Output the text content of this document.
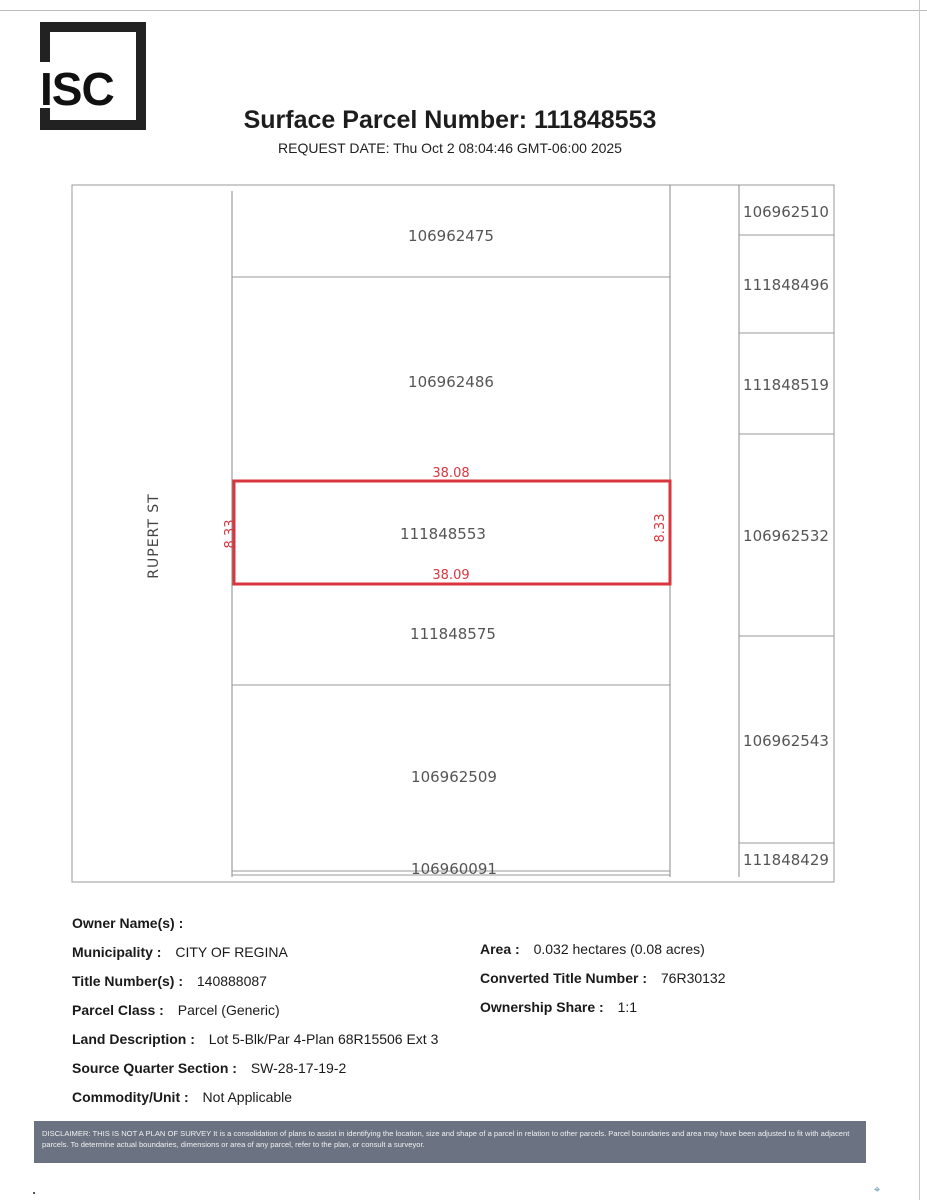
ISC
Surface Parcel Number: 111848553
REQUEST DATE: Thu Oct 2 08:04:46 GMT-06:00 2025
106962475
106962486
111848553
111848575
106962509
106960091
106962510
111848496
111848519
106962532
106962543
111848429
38.08
38.09
8.33	8.33
RUPERT ST
Owner Name(s) :
Municipality : CITY OF REGINA
Title Number(s) : 140888087
Parcel Class : Parcel (Generic)
Land Description : Lot 5-Blk/Par 4-Plan 68R15506 Ext 3
Source Quarter Section : SW-28-17-19-2
Commodity/Unit : Not Applicable
Area : 0.032 hectares (0.08 acres)
Converted Title Number : 76R30132
Ownership Share : 1:1
DISCLAIMER: THIS IS NOT A PLAN OF SURVEY It is a consolidation of plans to assist in identifying the location, size and shape of a parcel in relation to other parcels. Parcel boundaries and area may have been adjusted to fit with adjacent parcels. To determine actual boundaries, dimensions or area of any parcel, refer to the plan, or consult a surveyor.
⌖
